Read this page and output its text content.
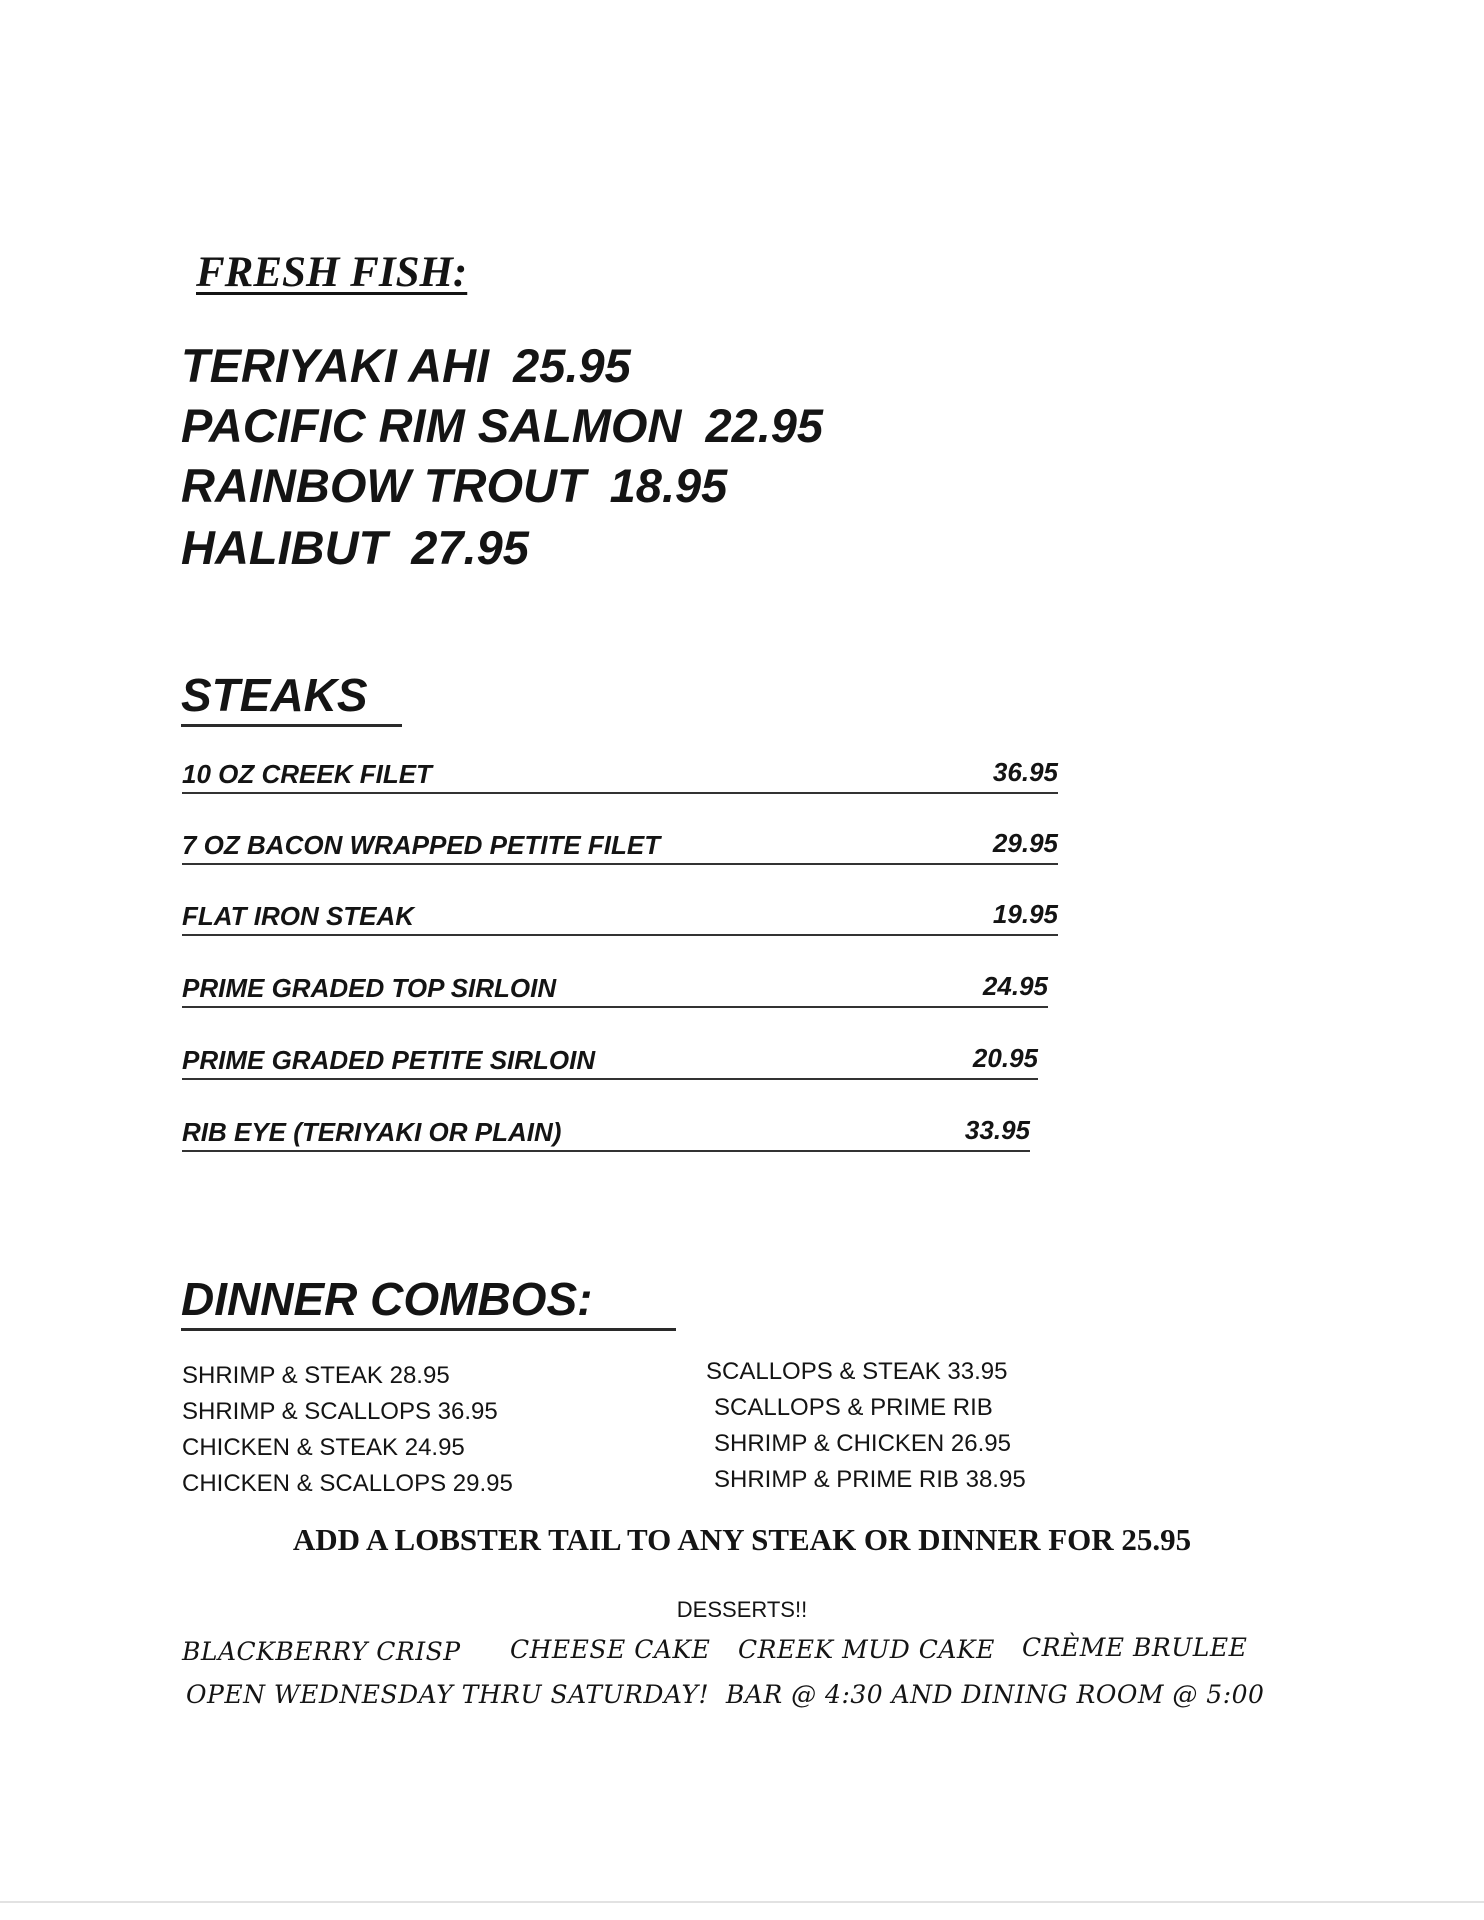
FRESH FISH:
TERIYAKI AHI 25.95
PACIFIC RIM SALMON 22.95
RAINBOW TROUT 18.95
HALIBUT 27.95
STEAKS
10 OZ CREEK FILET	36.95
7 OZ BACON WRAPPED PETITE FILET	29.95
FLAT IRON STEAK	19.95
PRIME GRADED TOP SIRLOIN	24.95
PRIME GRADED PETITE SIRLOIN	20.95
RIB EYE (TERIYAKI OR PLAIN)	33.95
DINNER COMBOS:
SHRIMP & STEAK 28.95
SHRIMP & SCALLOPS 36.95
CHICKEN & STEAK 24.95
CHICKEN & SCALLOPS 29.95
SCALLOPS & STEAK 33.95
SCALLOPS & PRIME RIB
SHRIMP & CHICKEN 26.95
SHRIMP & PRIME RIB 38.95
ADD A LOBSTER TAIL TO ANY STEAK OR DINNER FOR 25.95
DESSERTS!!
BLACKBERRY CRISP CHEESE CAKE CREEK MUD CAKE CRÈME BRULEE
OPEN WEDNESDAY THRU SATURDAY!  BAR @ 4:30 AND DINING ROOM @ 5:00
